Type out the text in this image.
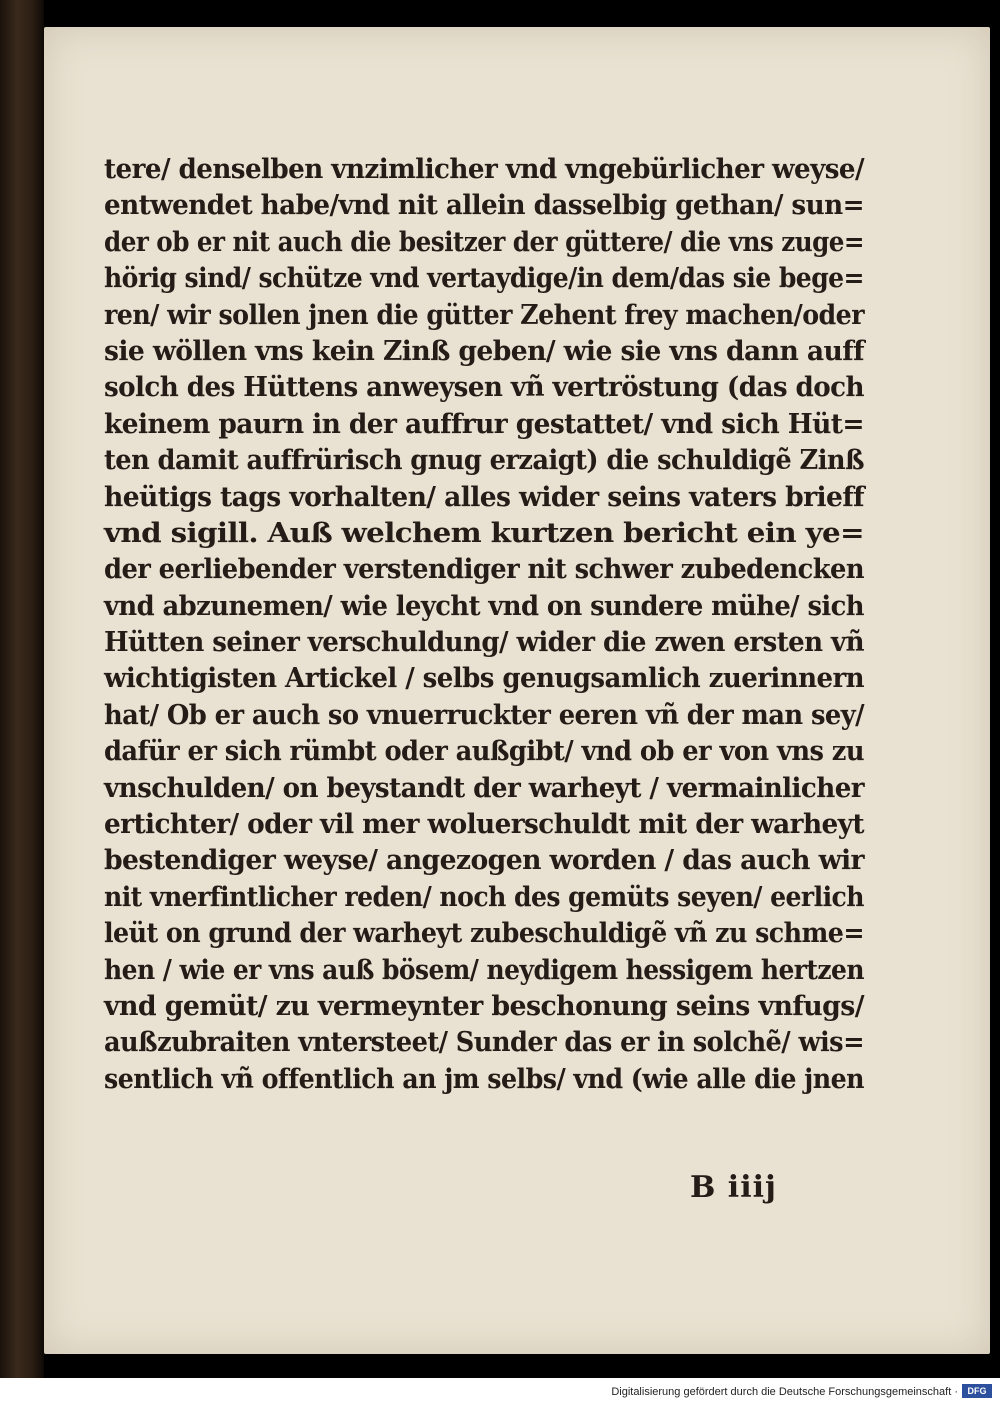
tere/ denselben vnzimlicher vnd vngebürlicher weyse/
entwendet habe/vnd nit allein dasselbig gethan/ sun=
der ob er nit auch die besitzer der güttere/ die vns zuge=
hörig sind/ schütze vnd vertaydige/in dem/das sie bege=
ren/ wir sollen jnen die gütter Zehent frey machen/oder
sie wöllen vns kein Zinß geben/ wie sie vns dann auff
solch des Hüttens anweysen vñ vertröstung (das doch
keinem paurn in der auffrur gestattet/ vnd sich Hüt=
ten damit auffrürisch gnug erzaigt) die schuldigẽ Zinß
heütigs tags vorhalten/ alles wider seins vaters brieff
vnd sigill. Auß welchem kurtzen bericht ein ye=
der eerliebender verstendiger nit schwer zubedencken
vnd abzunemen/ wie leycht vnd on sundere mühe/ sich
Hütten seiner verschuldung/ wider die zwen ersten vñ
wichtigisten Artickel / selbs genugsamlich zuerinnern
hat/ Ob er auch so vnuerruckter eeren vñ der man sey/
dafür er sich rümbt oder außgibt/ vnd ob er von vns zu
vnschulden/ on beystandt der warheyt / vermainlicher
ertichter/ oder vil mer woluerschuldt mit der warheyt
bestendiger weyse/ angezogen worden / das auch wir
nit vnerfintlicher reden/ noch des gemüts seyen/ eerlich
leüt on grund der warheyt zubeschuldigẽ vñ zu schme=
hen / wie er vns auß bösem/ neydigem hessigem hertzen
vnd gemüt/ zu vermeynter beschonung seins vnfugs/
außzubraiten vntersteet/ Sunder das er in solchẽ/ wis=
sentlich vñ offentlich an jm selbs/ vnd (wie alle die jnen
B iiij
Digitalisierung gefördert durch die Deutsche Forschungsgemeinschaft ·	DFG
